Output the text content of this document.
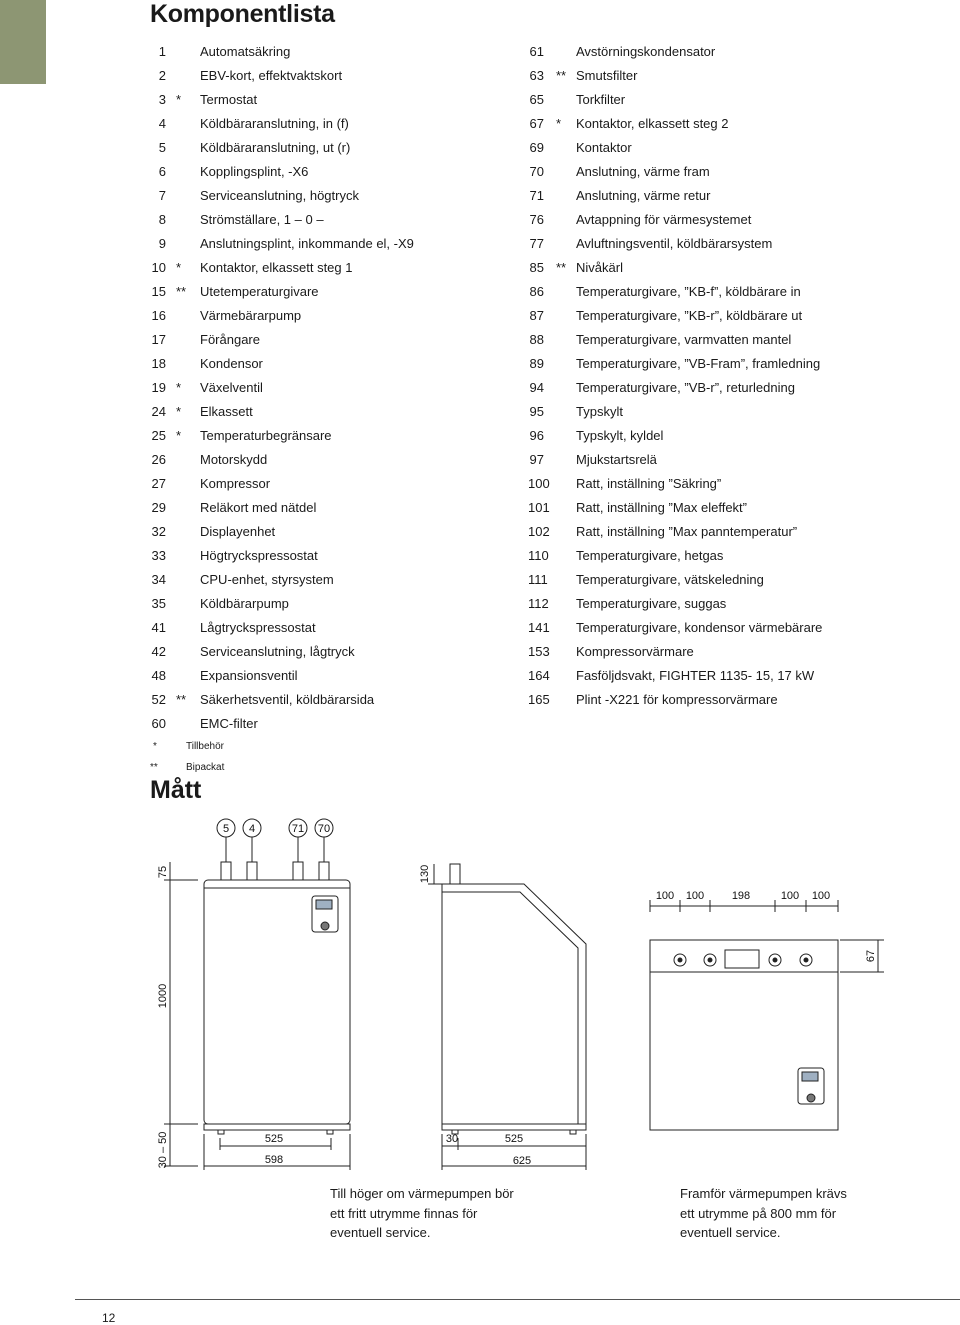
Komponentlista
1	Automatsäkring
2	EBV-kort, effektvaktskort
3 * Termostat
4	Köldbäraranslutning, in (f)
5	Köldbäraranslutning, ut (r)
6	Kopplingsplint, -X6
7	Serviceanslutning, högtryck
8	Strömställare, 1 ‒ 0 ‒
9	Anslutningsplint, inkommande el, -X9
10 * Kontaktor, elkassett steg 1
15 ** Utetemperaturgivare
16	Värmebärarpump
17	Förångare
18	Kondensor
19 * Växelventil
24 * Elkassett
25 * Temperaturbegränsare
26	Motorskydd
27	Kompressor
29	Reläkort med nätdel
32	Displayenhet
33	Högtryckspressostat
34	CPU-enhet, styrsystem
35	Köldbärarpump
41	Lågtryckspressostat
42	Serviceanslutning, lågtryck
48	Expansionsventil
52 ** Säkerhetsventil, köldbärarsida
60	EMC-filter
61 Avstörningskondensator
63 ** Smutsfilter
65 Torkfilter
67 * Kontaktor, elkassett steg 2
69 Kontaktor
70 Anslutning, värme fram
71 Anslutning, värme retur
76 Avtappning för värmesystemet
77 Avluftningsventil, köldbärarsystem
85 ** Nivåkärl
86 Temperaturgivare, ”KB-f”, köldbärare in
87 Temperaturgivare, ”KB-r”, köldbärare ut
88 Temperaturgivare, varmvatten mantel
89 Temperaturgivare, ”VB-Fram”, framledning
94 Temperaturgivare, ”VB-r”, returledning
95 Typskylt
96 Typskylt, kyldel
97 Mjukstartsrelä
100 Ratt, inställning ”Säkring”
101 Ratt, inställning ”Max eleffekt”
102 Ratt, inställning ”Max panntemperatur”
110 Temperaturgivare, hetgas
111 Temperaturgivare, vätskeledning
112 Temperaturgivare, suggas
141 Temperaturgivare, kondensor värmebärare
153 Kompressorvärmare
164 Fasföljdsvakt, FIGHTER 1135- 15, 17 kW
165 Plint -X221 för kompressorvärmare
*	Tillbehör
**	Bipackat
Mått
5 4	71 70
75
1000
30 – 50	525
598
130
30	525
625
100 100	198	100 100
67
Till höger om värmepumpen bör ett fritt utrymme finnas för eventuell service.
Framför värmepumpen krävs ett utrymme på 800 mm för eventuell service.
12
